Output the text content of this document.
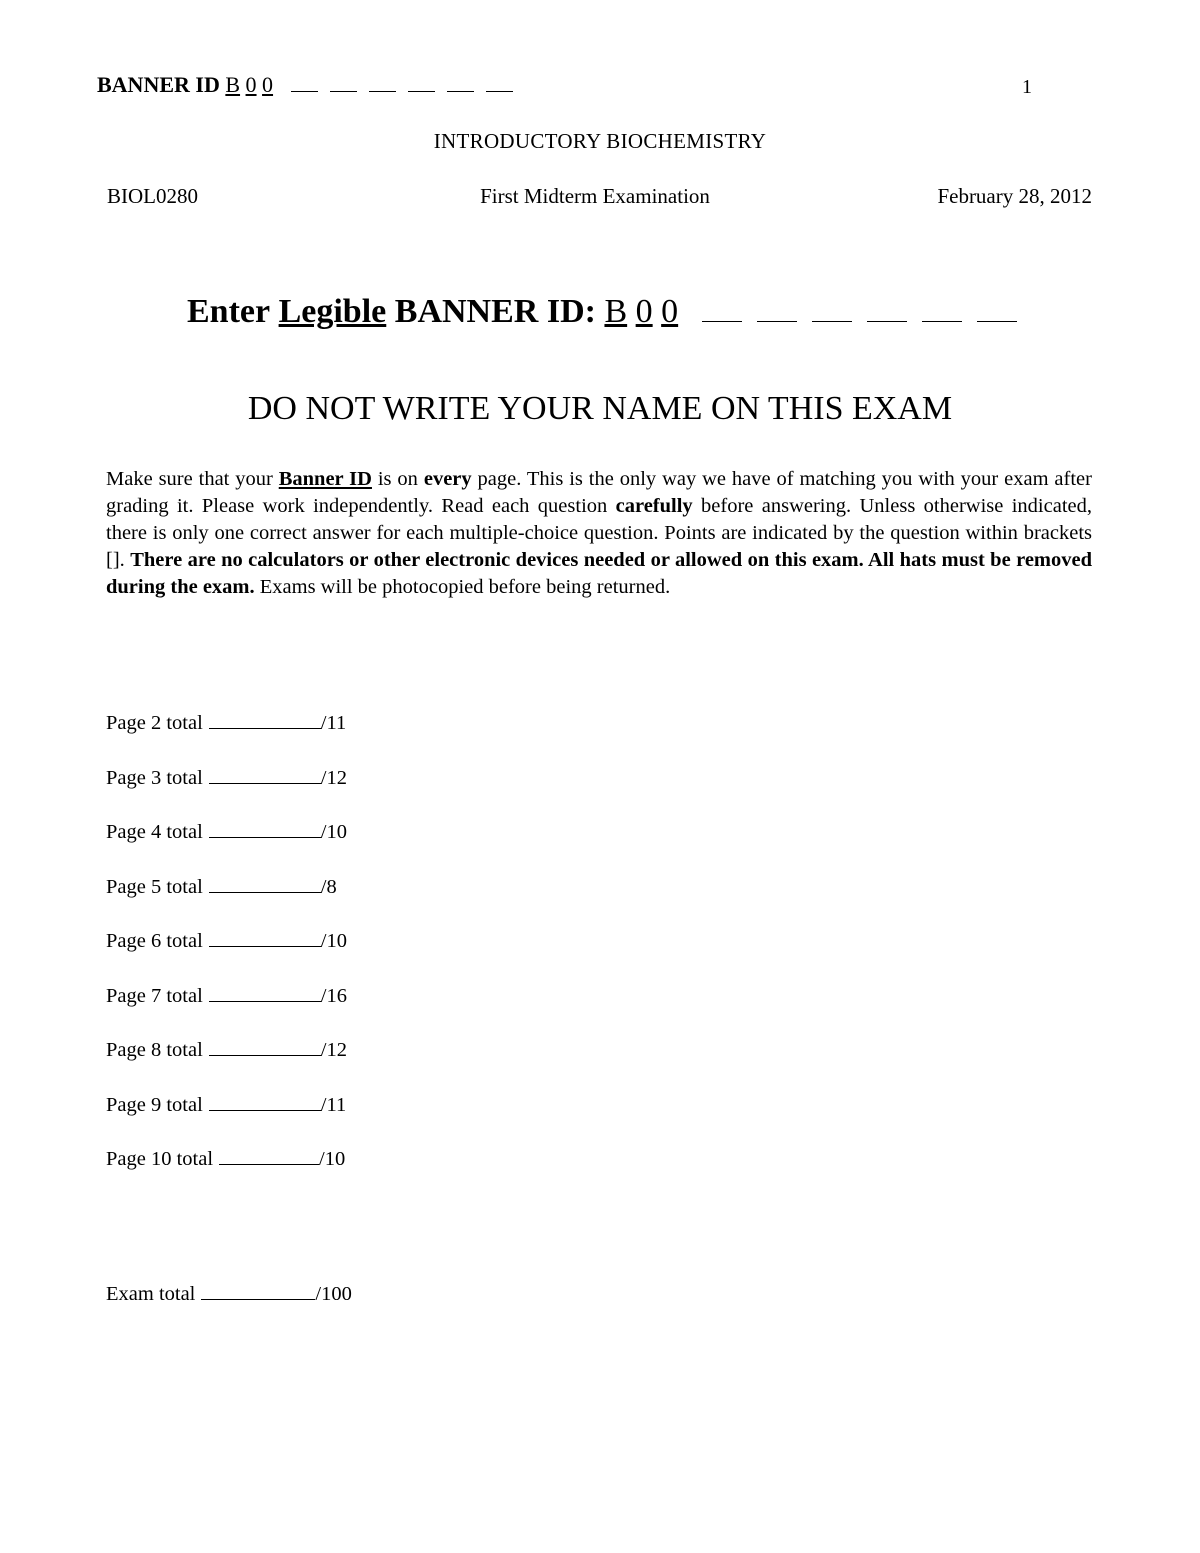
BANNER ID B 0 0	1
INTRODUCTORY BIOCHEMISTRY
BIOL0280	First Midterm Examination	February 28, 2012
Enter Legible BANNER ID: B 0 0
DO NOT WRITE YOUR NAME ON THIS EXAM
Make sure that your Banner ID is on every page. This is the only way we have of matching you with your exam after grading it. Please work independently. Read each question carefully before answering. Unless otherwise indicated, there is only one correct answer for each multiple-choice question. Points are indicated by the question within brackets []. There are no calculators or other electronic devices needed or allowed on this exam. All hats must be removed during the exam. Exams will be photocopied before being returned.
Page 2 total	/11
Page 3 total	/12
Page 4 total	/10
Page 5 total	/8
Page 6 total	/10
Page 7 total	/16
Page 8 total	/12
Page 9 total	/11
Page 10 total	/10
Exam total	/100
